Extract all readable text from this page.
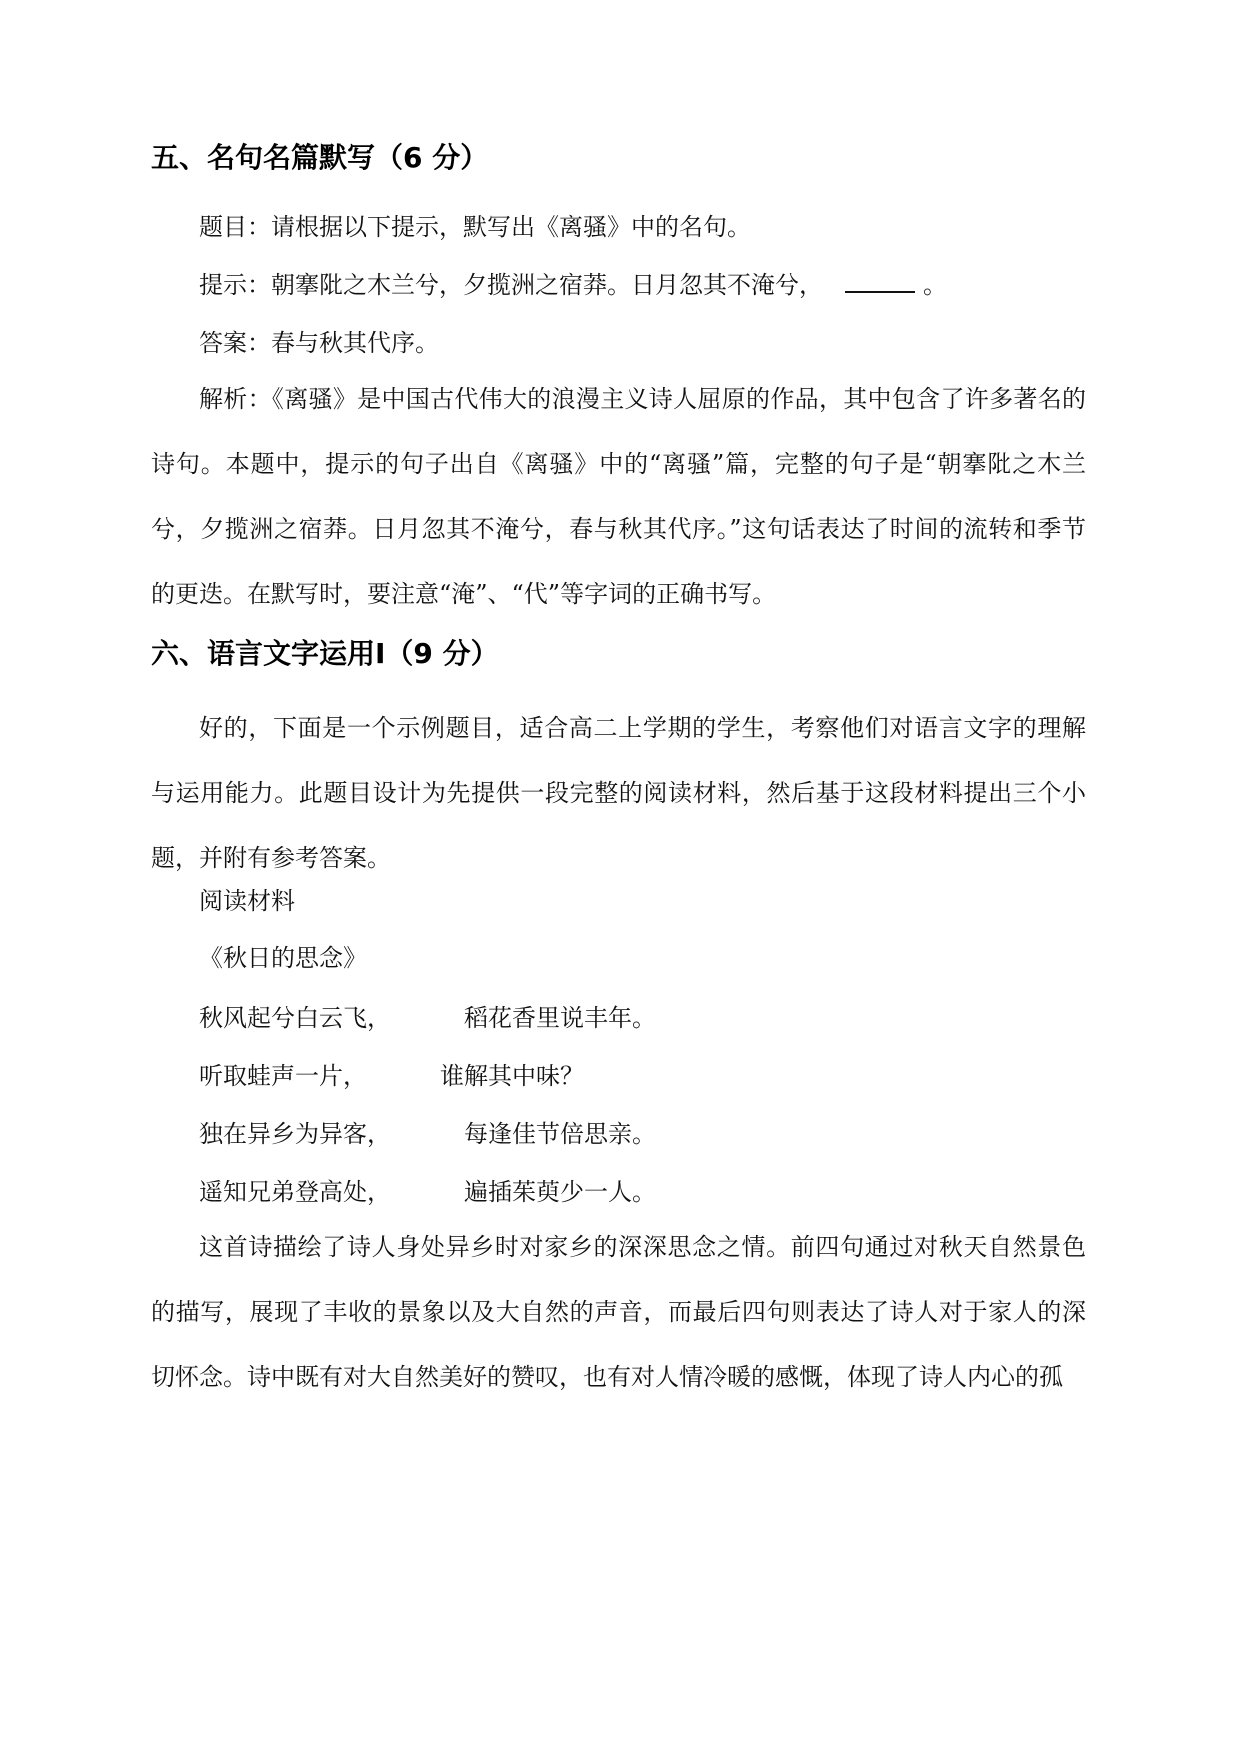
五、名句名篇默写（6 分）
题目：请根据以下提示，默写出《离骚》中的名句。
提示：朝搴阰之木兰兮，夕揽洲之宿莽。日月忽其不淹兮，	。
答案：春与秋其代序。

解析：《离骚》是中国古代伟大的浪漫主义诗人屈原的作品，其中包含了许多著名的诗句。本题中，提示的句子出自《离骚》中的“离骚”篇，完整的句子是“朝搴阰之木兰兮，夕揽洲之宿莽。日月忽其不淹兮，春与秋其代序。”这句话表达了时间的流转和季节的更迭。在默写时，要注意“淹”、“代”等字词的正确书写。

六、语言文字运用Ⅰ（9 分）

好的，下面是一个示例题目，适合高二上学期的学生，考察他们对语言文字的理解与运用能力。此题目设计为先提供一段完整的阅读材料，然后基于这段材料提出三个小题，并附有参考答案。

阅读材料
《秋日的思念》
秋风起兮白云飞，	稻花香里说丰年。
听取蛙声一片，	谁解其中味？
独在异乡为异客，	每逢佳节倍思亲。
遥知兄弟登高处，	遍插茱萸少一人。

这首诗描绘了诗人身处异乡时对家乡的深深思念之情。前四句通过对秋天自然景色的描写，展现了丰收的景象以及大自然的声音，而最后四句则表达了诗人对于家人的深切怀念。诗中既有对大自然美好的赞叹，也有对人情冷暖的感慨，体现了诗人内心的孤
